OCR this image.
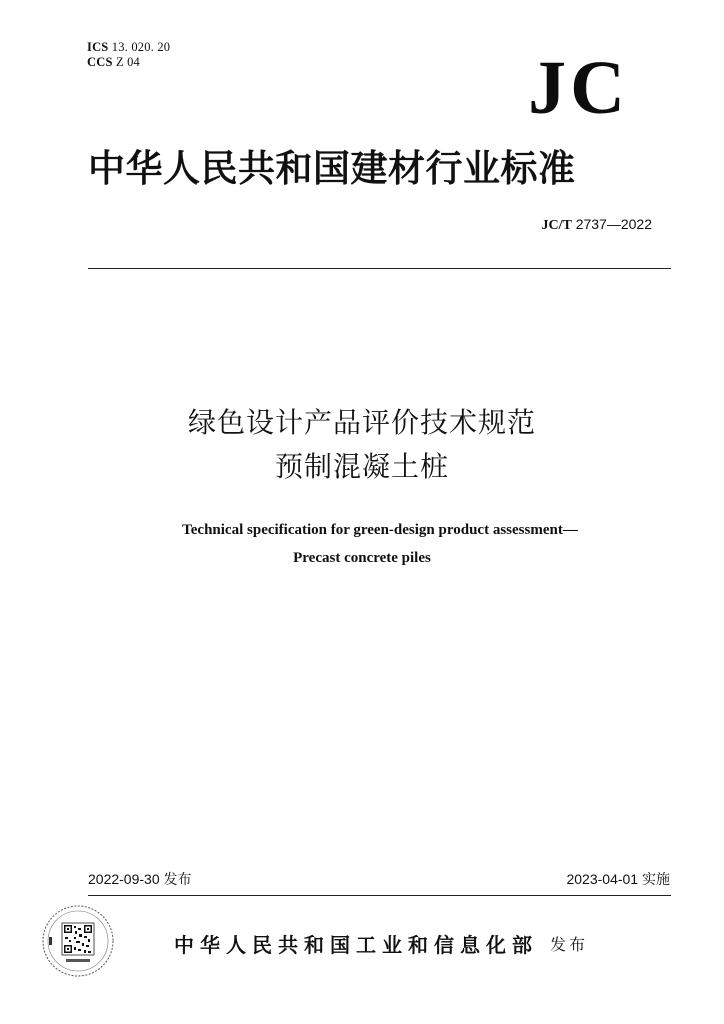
ICS 13. 020. 20
CCS Z 04	JC
中华人民共和国建材行业标准
JC/T 2737—2022
绿色设计产品评价技术规范
预制混凝土桩
Technical specification for green-design product assessment—
Precast concrete piles
2022-09-30 发布	2023-04-01 实施
中华人民共和国工业和信息化部 发布
